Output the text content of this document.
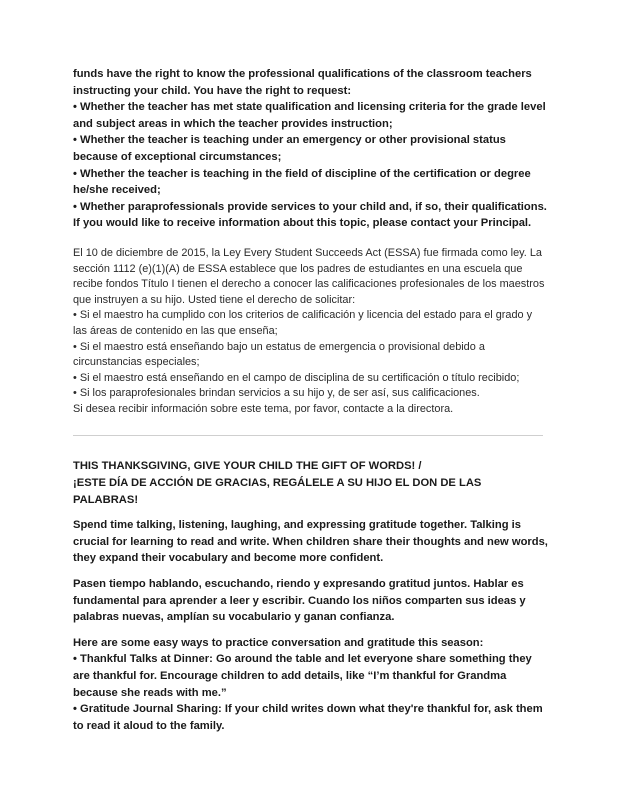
funds have the right to know the professional qualifications of the classroom teachers instructing your child. You have the right to request:

• Whether the teacher has met state qualification and licensing criteria for the grade level and subject areas in which the teacher provides instruction;

• Whether the teacher is teaching under an emergency or other provisional status because of exceptional circumstances;

• Whether the teacher is teaching in the field of discipline of the certification or degree he/she received;

• Whether paraprofessionals provide services to your child and, if so, their qualifications.

If you would like to receive information about this topic, please contact your Principal.

El 10 de diciembre de 2015, la Ley Every Student Succeeds Act (ESSA) fue firmada como ley. La sección 1112 (e)(1)(A) de ESSA establece que los padres de estudiantes en una escuela que recibe fondos Título I tienen el derecho a conocer las calificaciones profesionales de los maestros que instruyen a su hijo. Usted tiene el derecho de solicitar:

• Si el maestro ha cumplido con los criterios de calificación y licencia del estado para el grado y las áreas de contenido en las que enseña;

• Si el maestro está enseñando bajo un estatus de emergencia o provisional debido a circunstancias especiales;

• Si el maestro está enseñando en el campo de disciplina de su certificación o título recibido;

• Si los paraprofesionales brindan servicios a su hijo y, de ser así, sus calificaciones.

Si desea recibir información sobre este tema, por favor, contacte a la directora.

THIS THANKSGIVING, GIVE YOUR CHILD THE GIFT OF WORDS! /

¡ESTE DÍA DE ACCIÓN DE GRACIAS, REGÁLELE A SU HIJO EL DON DE LAS PALABRAS!

Spend time talking, listening, laughing, and expressing gratitude together. Talking is crucial for learning to read and write. When children share their thoughts and new words, they expand their vocabulary and become more confident.

Pasen tiempo hablando, escuchando, riendo y expresando gratitud juntos. Hablar es fundamental para aprender a leer y escribir. Cuando los niños comparten sus ideas y palabras nuevas, amplían su vocabulario y ganan confianza.

Here are some easy ways to practice conversation and gratitude this season:

• Thankful Talks at Dinner: Go around the table and let everyone share something they are thankful for. Encourage children to add details, like “I’m thankful for Grandma because she reads with me.”

• Gratitude Journal Sharing: If your child writes down what they're thankful for, ask them to read it aloud to the family.
